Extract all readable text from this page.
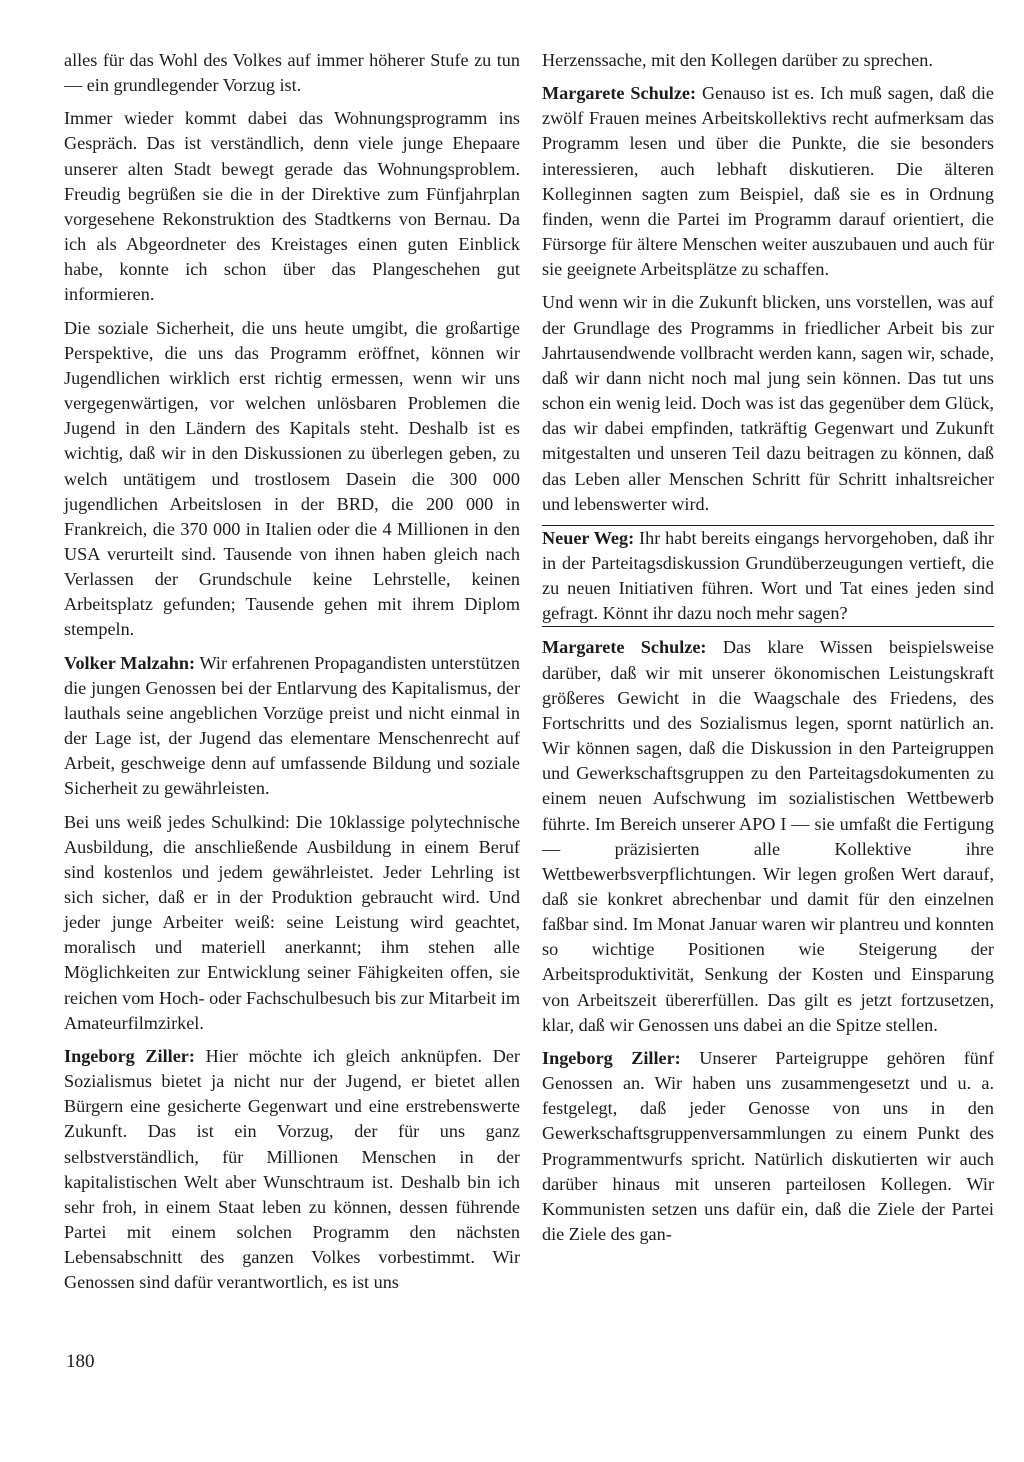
alles für das Wohl des Volkes auf immer höherer Stufe zu tun — ein grundlegender Vorzug ist.

Immer wieder kommt dabei das Wohnungsprogramm ins Gespräch. Das ist verständlich, denn viele junge Ehepaare unserer alten Stadt bewegt gerade das Wohnungsproblem. Freudig begrüßen sie die in der Direktive zum Fünfjahrplan vorgesehene Rekonstruktion des Stadtkerns von Bernau. Da ich als Abgeordneter des Kreistages einen guten Einblick habe, konnte ich schon über das Plangeschehen gut informieren.

Die soziale Sicherheit, die uns heute umgibt, die großartige Perspektive, die uns das Programm eröffnet, können wir Jugendlichen wirklich erst richtig ermessen, wenn wir uns vergegenwärtigen, vor welchen unlösbaren Problemen die Jugend in den Ländern des Kapitals steht. Deshalb ist es wichtig, daß wir in den Diskussionen zu überlegen geben, zu welch untätigem und trostlosem Dasein die 300 000 jugendlichen Arbeitslosen in der BRD, die 200 000 in Frankreich, die 370 000 in Italien oder die 4 Millionen in den USA verurteilt sind. Tausende von ihnen haben gleich nach Verlassen der Grundschule keine Lehrstelle, keinen Arbeitsplatz gefunden; Tausende gehen mit ihrem Diplom stempeln.

Volker Malzahn: Wir erfahrenen Propagandisten unterstützen die jungen Genossen bei der Entlarvung des Kapitalismus, der lauthals seine angeblichen Vorzüge preist und nicht einmal in der Lage ist, der Jugend das elementare Menschenrecht auf Arbeit, geschweige denn auf umfassende Bildung und soziale Sicherheit zu gewährleisten.

Bei uns weiß jedes Schulkind: Die 10klassige polytechnische Ausbildung, die anschließende Ausbildung in einem Beruf sind kostenlos und jedem gewährleistet. Jeder Lehrling ist sich sicher, daß er in der Produktion gebraucht wird. Und jeder junge Arbeiter weiß: seine Leistung wird geachtet, moralisch und materiell anerkannt; ihm stehen alle Möglichkeiten zur Entwicklung seiner Fähigkeiten offen, sie reichen vom Hoch- oder Fachschulbesuch bis zur Mitarbeit im Amateurfilmzirkel.

Ingeborg Ziller: Hier möchte ich gleich anknüpfen. Der Sozialismus bietet ja nicht nur der Jugend, er bietet allen Bürgern eine gesicherte Gegenwart und eine erstrebenswerte Zukunft. Das ist ein Vorzug, der für uns ganz selbstverständlich, für Millionen Menschen in der kapitalistischen Welt aber Wunschtraum ist. Deshalb bin ich sehr froh, in einem Staat leben zu können, dessen führende Partei mit einem solchen Programm den nächsten Lebensabschnitt des ganzen Volkes vorbestimmt. Wir Genossen sind dafür verantwortlich, es ist uns

Herzenssache, mit den Kollegen darüber zu sprechen.

Margarete Schulze: Genauso ist es. Ich muß sagen, daß die zwölf Frauen meines Arbeitskollektivs recht aufmerksam das Programm lesen und über die Punkte, die sie besonders interessieren, auch lebhaft diskutieren. Die älteren Kolleginnen sagten zum Beispiel, daß sie es in Ordnung finden, wenn die Partei im Programm darauf orientiert, die Fürsorge für ältere Menschen weiter auszubauen und auch für sie geeignete Arbeitsplätze zu schaffen.

Und wenn wir in die Zukunft blicken, uns vorstellen, was auf der Grundlage des Programms in friedlicher Arbeit bis zur Jahrtausendwende vollbracht werden kann, sagen wir, schade, daß wir dann nicht noch mal jung sein können. Das tut uns schon ein wenig leid. Doch was ist das gegenüber dem Glück, das wir dabei empfinden, tatkräftig Gegenwart und Zukunft mitgestalten und unseren Teil dazu beitragen zu können, daß das Leben aller Menschen Schritt für Schritt inhaltsreicher und lebenswerter wird.

Neuer Weg: Ihr habt bereits eingangs hervorgehoben, daß ihr in der Parteitagsdiskussion Grundüberzeugungen vertieft, die zu neuen Initiativen führen. Wort und Tat eines jeden sind gefragt. Könnt ihr dazu noch mehr sagen?

Margarete Schulze: Das klare Wissen beispielsweise darüber, daß wir mit unserer ökonomischen Leistungskraft größeres Gewicht in die Waagschale des Friedens, des Fortschritts und des Sozialismus legen, spornt natürlich an. Wir können sagen, daß die Diskussion in den Parteigruppen und Gewerkschaftsgruppen zu den Parteitagsdokumenten zu einem neuen Aufschwung im sozialistischen Wettbewerb führte. Im Bereich unserer APO I — sie umfaßt die Fertigung — präzisierten alle Kollektive ihre Wettbewerbsverpflichtungen. Wir legen großen Wert darauf, daß sie konkret abrechenbar und damit für den einzelnen faßbar sind. Im Monat Januar waren wir plantreu und konnten so wichtige Positionen wie Steigerung der Arbeitsproduktivität, Senkung der Kosten und Einsparung von Arbeitszeit übererfüllen. Das gilt es jetzt fortzusetzen, klar, daß wir Genossen uns dabei an die Spitze stellen.

Ingeborg Ziller: Unserer Parteigruppe gehören fünf Genossen an. Wir haben uns zusammengesetzt und u. a. festgelegt, daß jeder Genosse von uns in den Gewerkschaftsgruppenversammlungen zu einem Punkt des Programmentwurfs spricht. Natürlich diskutierten wir auch darüber hinaus mit unseren parteilosen Kollegen. Wir Kommunisten setzen uns dafür ein, daß die Ziele der Partei die Ziele des gan-

180
